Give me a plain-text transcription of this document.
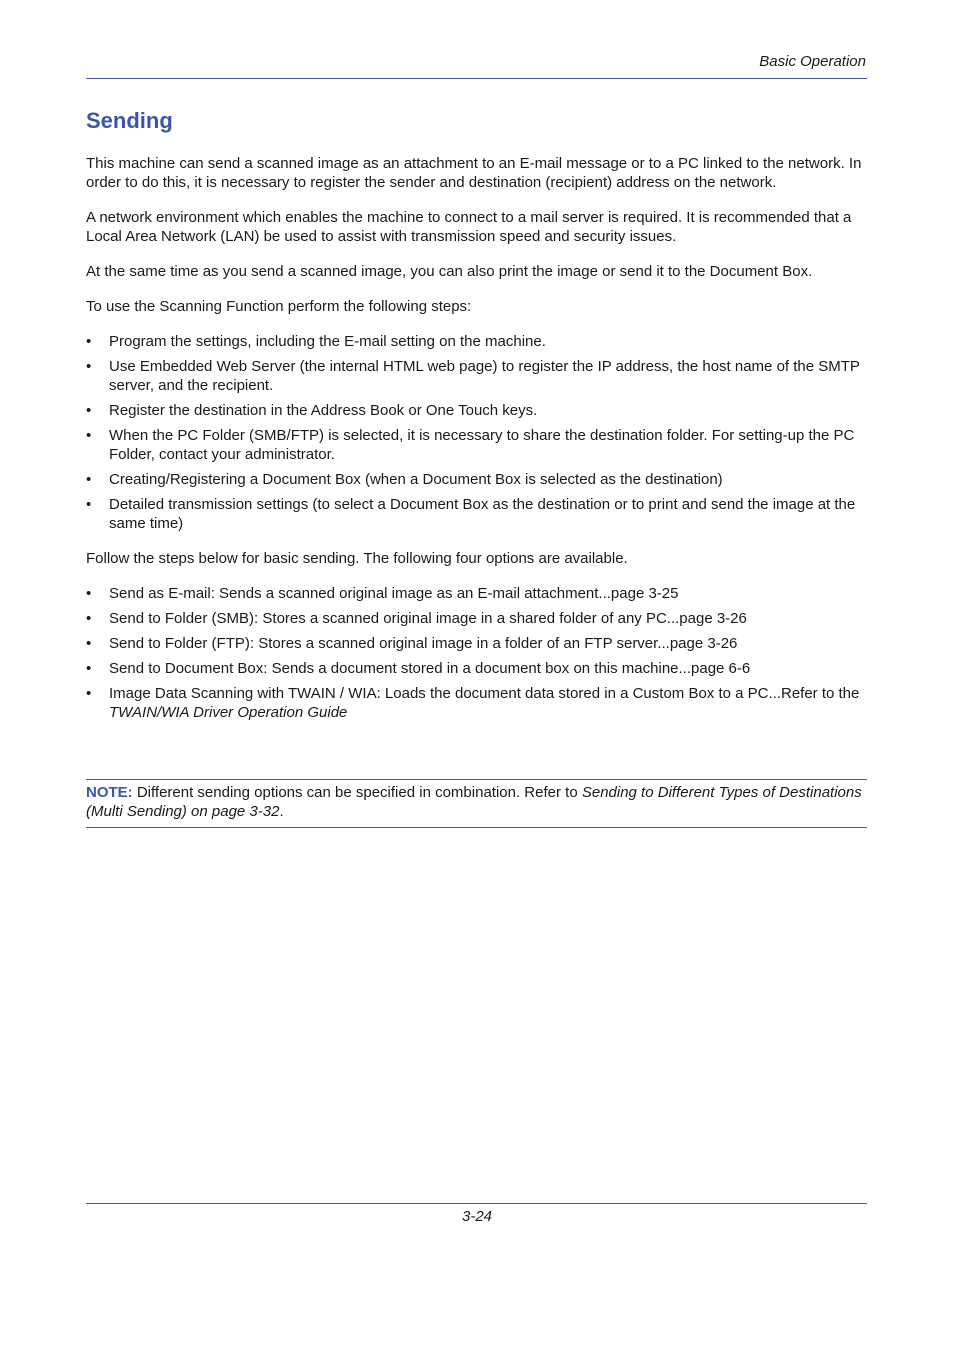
Basic Operation
Sending

This machine can send a scanned image as an attachment to an E-mail message or to a PC linked to the network. In order to do this, it is necessary to register the sender and destination (recipient) address on the network.

A network environment which enables the machine to connect to a mail server is required. It is recommended that a Local Area Network (LAN) be used to assist with transmission speed and security issues.

At the same time as you send a scanned image, you can also print the image or send it to the Document Box.

To use the Scanning Function perform the following steps:

• Program the settings, including the E-mail setting on the machine.
• Use Embedded Web Server (the internal HTML web page) to register the IP address, the host name of the SMTP server, and the recipient.
• Register the destination in the Address Book or One Touch keys.
• When the PC Folder (SMB/FTP) is selected, it is necessary to share the destination folder. For setting-up the PC Folder, contact your administrator.
• Creating/Registering a Document Box (when a Document Box is selected as the destination)
• Detailed transmission settings (to select a Document Box as the destination or to print and send the image at the same time)

Follow the steps below for basic sending. The following four options are available.

• Send as E-mail: Sends a scanned original image as an E-mail attachment...page 3-25
• Send to Folder (SMB): Stores a scanned original image in a shared folder of any PC...page 3-26
• Send to Folder (FTP): Stores a scanned original image in a folder of an FTP server...page 3-26
• Send to Document Box: Sends a document stored in a document box on this machine...page 6-6
• Image Data Scanning with TWAIN / WIA: Loads the document data stored in a Custom Box to a PC...Refer to the TWAIN/WIA Driver Operation Guide
NOTE: Different sending options can be specified in combination. Refer to Sending to Different Types of Destinations (Multi Sending) on page 3-32.
3-24
